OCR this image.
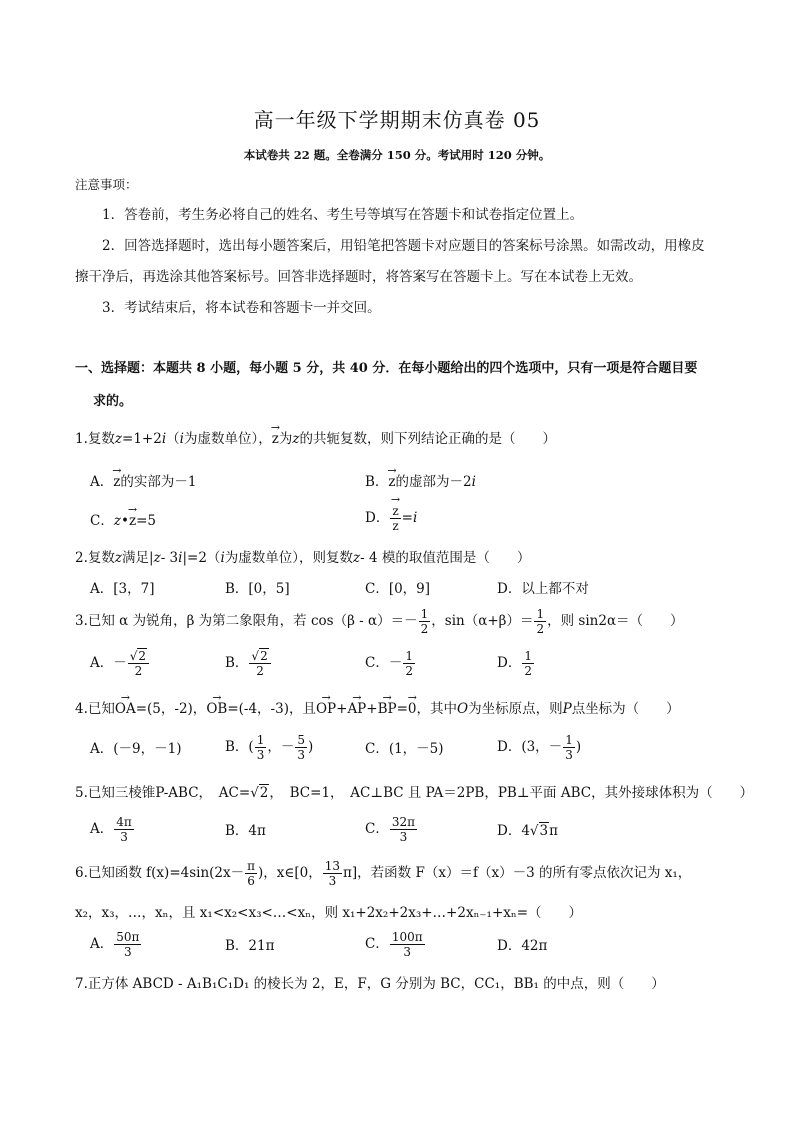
高一年级下学期期末仿真卷 05
本试卷共 22 题。全卷满分 150 分。考试用时 120 分钟。
注意事项：
1．答卷前，考生务必将自己的姓名、考生号等填写在答题卡和试卷指定位置上。
2．回答选择题时，选出每小题答案后，用铅笔把答题卡对应题目的答案标号涂黑。如需改动，用橡皮
擦干净后，再选涂其他答案标号。回答非选择题时，将答案写在答题卡上。写在本试卷上无效。
3．考试结束后，将本试卷和答题卡一并交回。
一、选择题：本题共 8 小题，每小题 5 分，共 40 分．在每小题给出的四个选项中，只有一项是符合题目要
求的。
1.复数z=1+2i（i为虚数单位），→ z为z的共轭复数，则下列结论正确的是（　　）
A．→ z的实部为－1	B．→ z的虚部为－2i
C．z•→ z=5	D．
→ $\frac{z}{z} =i$
2.复数z满足|z- 3i|=2（i为虚数单位），则复数z- 4 模的取值范围是（　　）
A．[3，7]	B．[0，5]	C．[0，9]	D．以上都不对
3.已知 α 为锐角，β 为第二象限角，若 $\cos(\beta - \alpha)=- \frac{1}{2}$ ，$\sin(\alpha+\beta)= \frac{1}{2}$ ，则 sin2α＝（　　）
A．－ $\frac{√2}{2}$	B． $\frac{√2}{2}$	C．－ $\frac{1}{2}$	D． $\frac{1}{2}$
4.已知→ OA=(5，-2)，→ OB=(-4，-3)，且→ OP+→ AP+→ BP=→ 0，其中O为坐标原点，则P点坐标为（　　）
A．(－9，－1)	B．( $\frac{1}{3}$ ，－ $\frac{5}{3}$ )	C．(1，－5)	D．(3，－ $\frac{1}{3}$ )
5.已知三棱锥P-ABC，　AC=√2，　BC=1，　AC⊥BC 且 PA＝2PB，PB⊥平面 ABC，其外接球体积为（　　）
A． $\frac{4\pi}{3}$	B．4π	C． $\frac{32\pi}{3}$	D．4√3π
6.已知函数 $f(x)=4\sin(2x- \frac{\pi}{6}$ )，x∈[0， $\frac{13}{3} \pi$]，若函数 F（x）＝f（x）－3 的所有零点依次记为 x₁，
x₂，x₃，…，xₙ，且 x₁<x₂<x₃<…<xₙ，则 x₁+2x₂+2x₃+…+2xₙ₋₁+xₙ=（　　）
A． $\frac{50\pi}{3}$	B．21π	C． $\frac{100\pi}{3}$	D．42π
7.正方体 ABCD - A₁B₁C₁D₁ 的棱长为 2，E，F，G 分别为 BC，CC₁，BB₁ 的中点，则（　　）
